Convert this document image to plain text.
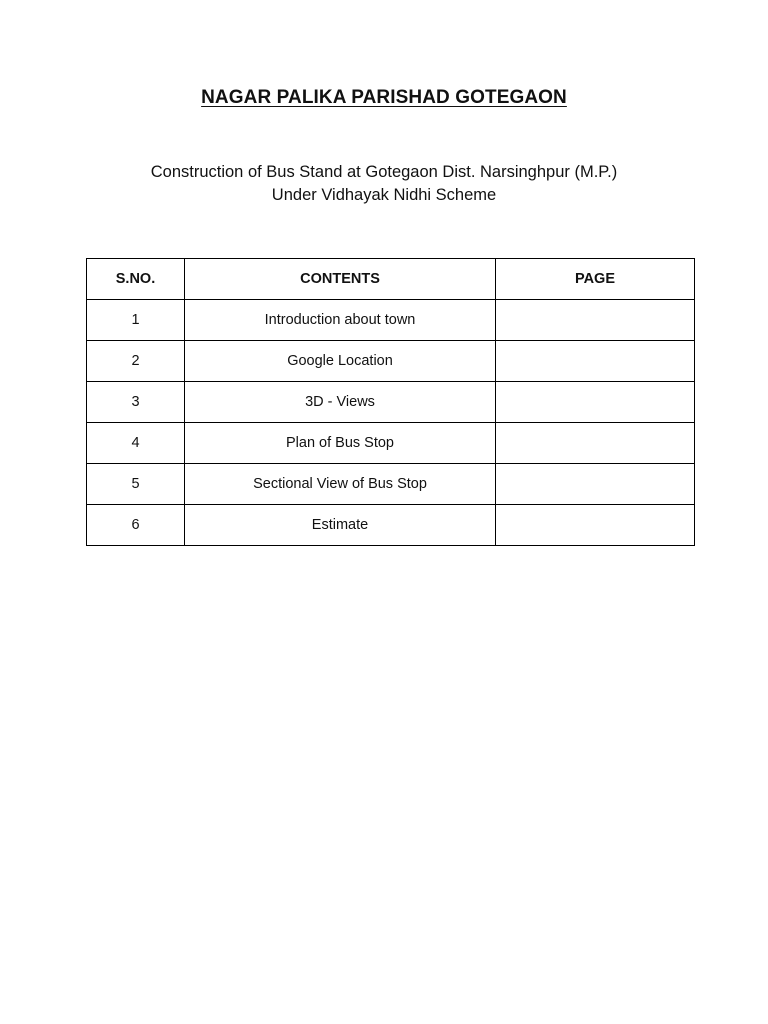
NAGAR PALIKA PARISHAD GOTEGAON
Construction of Bus Stand at Gotegaon Dist. Narsinghpur (M.P.)
Under Vidhayak Nidhi Scheme
S.NO.	CONTENTS	PAGE
1	Introduction about town	
2	Google Location	
3	3D - Views	
4	Plan of Bus Stop	
5	Sectional View of Bus Stop	
6	Estimate	
